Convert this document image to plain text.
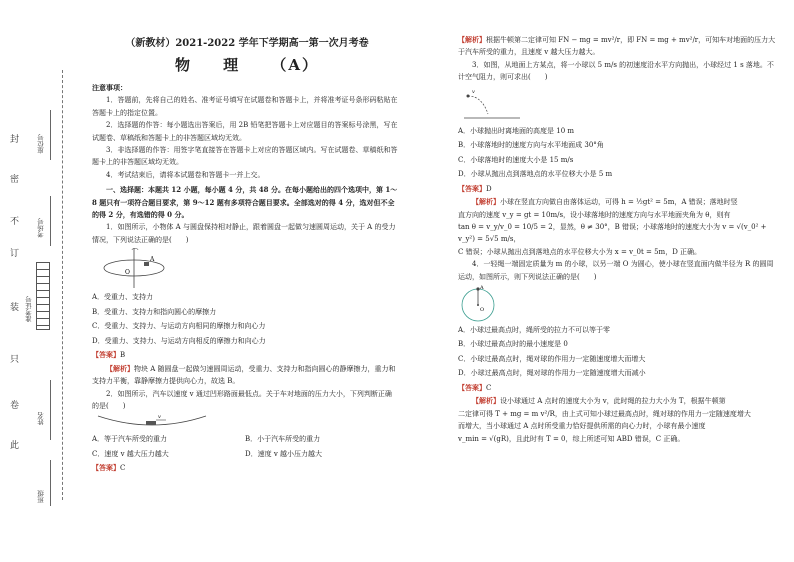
封
密
不
订
装
只
卷
此
座位号
考场号
准考证号
姓名
班级
（新教材）2021-2022 学年下学期高一第一次月考卷
物 理 （A）

注意事项：

1．答题前，先将自己的姓名、准考证号填写在试题卷和答题卡上，并将准考证号条形码粘贴在答题卡上的指定位置。

2．选择题的作答：每小题选出答案后，用 2B 铅笔把答题卡上对应题目的答案标号涂黑，写在试题卷、草稿纸和答题卡上的非答题区域均无效。

3．非选择题的作答：用签字笔直接答在答题卡上对应的答题区域内。写在试题卷、草稿纸和答题卡上的非答题区域均无效。

4．考试结束后，请将本试题卷和答题卡一并上交。

一、选择题：本题共 12 小题，每小题 4 分，共 48 分。在每小题给出的四个选项中，第 1～8 题只有一项符合题目要求，第 9～12 题有多项符合题目要求。全部选对的得 4 分，选对但不全的得 2 分，有选错的得 0 分。

1．如图所示，小物体 A 与圆盘保持相对静止，跟着圆盘一起做匀速圆周运动，关于 A 的受力情况，下列说法正确的是(　　)

O
A

A．受重力、支持力

B．受重力、支持力和指向圆心的摩擦力

C．受重力、支持力、与运动方向相同的摩擦力和向心力

D．受重力、支持力、与运动方向相反的摩擦力和向心力

【答案】B

【解析】物块 A 随圆盘一起做匀速圆周运动，受重力、支持力和指向圆心的静摩擦力，重力和支持力平衡，靠静摩擦力提供向心力，故选 B。

2．如图所示，汽车以速度 v 通过凹形路面最低点。关于车对地面的压力大小，下列判断正确的是(　　)

v
A．等于汽车所受的重力	B．小于汽车所受的重力
C．速度 v 越大压力越大	D．速度 v 越小压力越大

【答案】C

【解析】根据牛顿第二定律可知 FN − mg = mv²/r，即 FN = mg + mv²/r，可知车对地面的压力大于汽车所受的重力，且速度 v 越大压力越大。

3．如图，从地面上方某点，将一小球以 5 m/s 的初速度沿水平方向抛出，小球经过 1 s 落地。不计空气阻力，则可求出(　　)

v

A．小球抛出时离地面的高度是 10 m

B．小球落地时的速度方向与水平地面成 30°角

C．小球落地时的速度大小是 15 m/s

D．小球从抛出点到落地点的水平位移大小是 5 m

【答案】D

【解析】小球在竖直方向做自由落体运动，可得 h = ½gt² = 5m，A 错误；落地时竖

直方向的速度 v_y = gt = 10m/s，设小球落地时的速度方向与水平地面夹角为 θ，则有

tan θ = v_y/v_0 = 10/5 = 2，显然，θ ≠ 30°，B 错误；小球落地时的速度大小为 v = √(v_0² + v_y²) = 5√5 m/s，

C 错误；小球从抛出点到落地点的水平位移大小为 x = v_0t = 5m，D 正确。

4．一轻绳一端固定质量为 m 的小球，以另一端 O 为圆心，使小球在竖直面内做半径为 R 的圆周运动，如图所示，则下列说法正确的是(　　)

A
O

A．小球过最高点时，绳所受的拉力不可以等于零

B．小球过最高点时的最小速度是 0

C．小球过最高点时，绳对球的作用力一定随速度增大而增大

D．小球过最高点时，绳对球的作用力一定随速度增大而减小

【答案】C

【解析】设小球通过 A 点时的速度大小为 v，此时绳的拉力大小为 T，根据牛顿第

二定律可得 T + mg = m v²/R，由上式可知小球过最高点时，绳对球的作用力一定随速度增大

而增大，当小球通过 A 点时所受重力恰好提供所需的向心力时，小球有最小速度

v_min = √(gR)，且此时有 T = 0，综上所述可知 ABD 错误，C 正确。
